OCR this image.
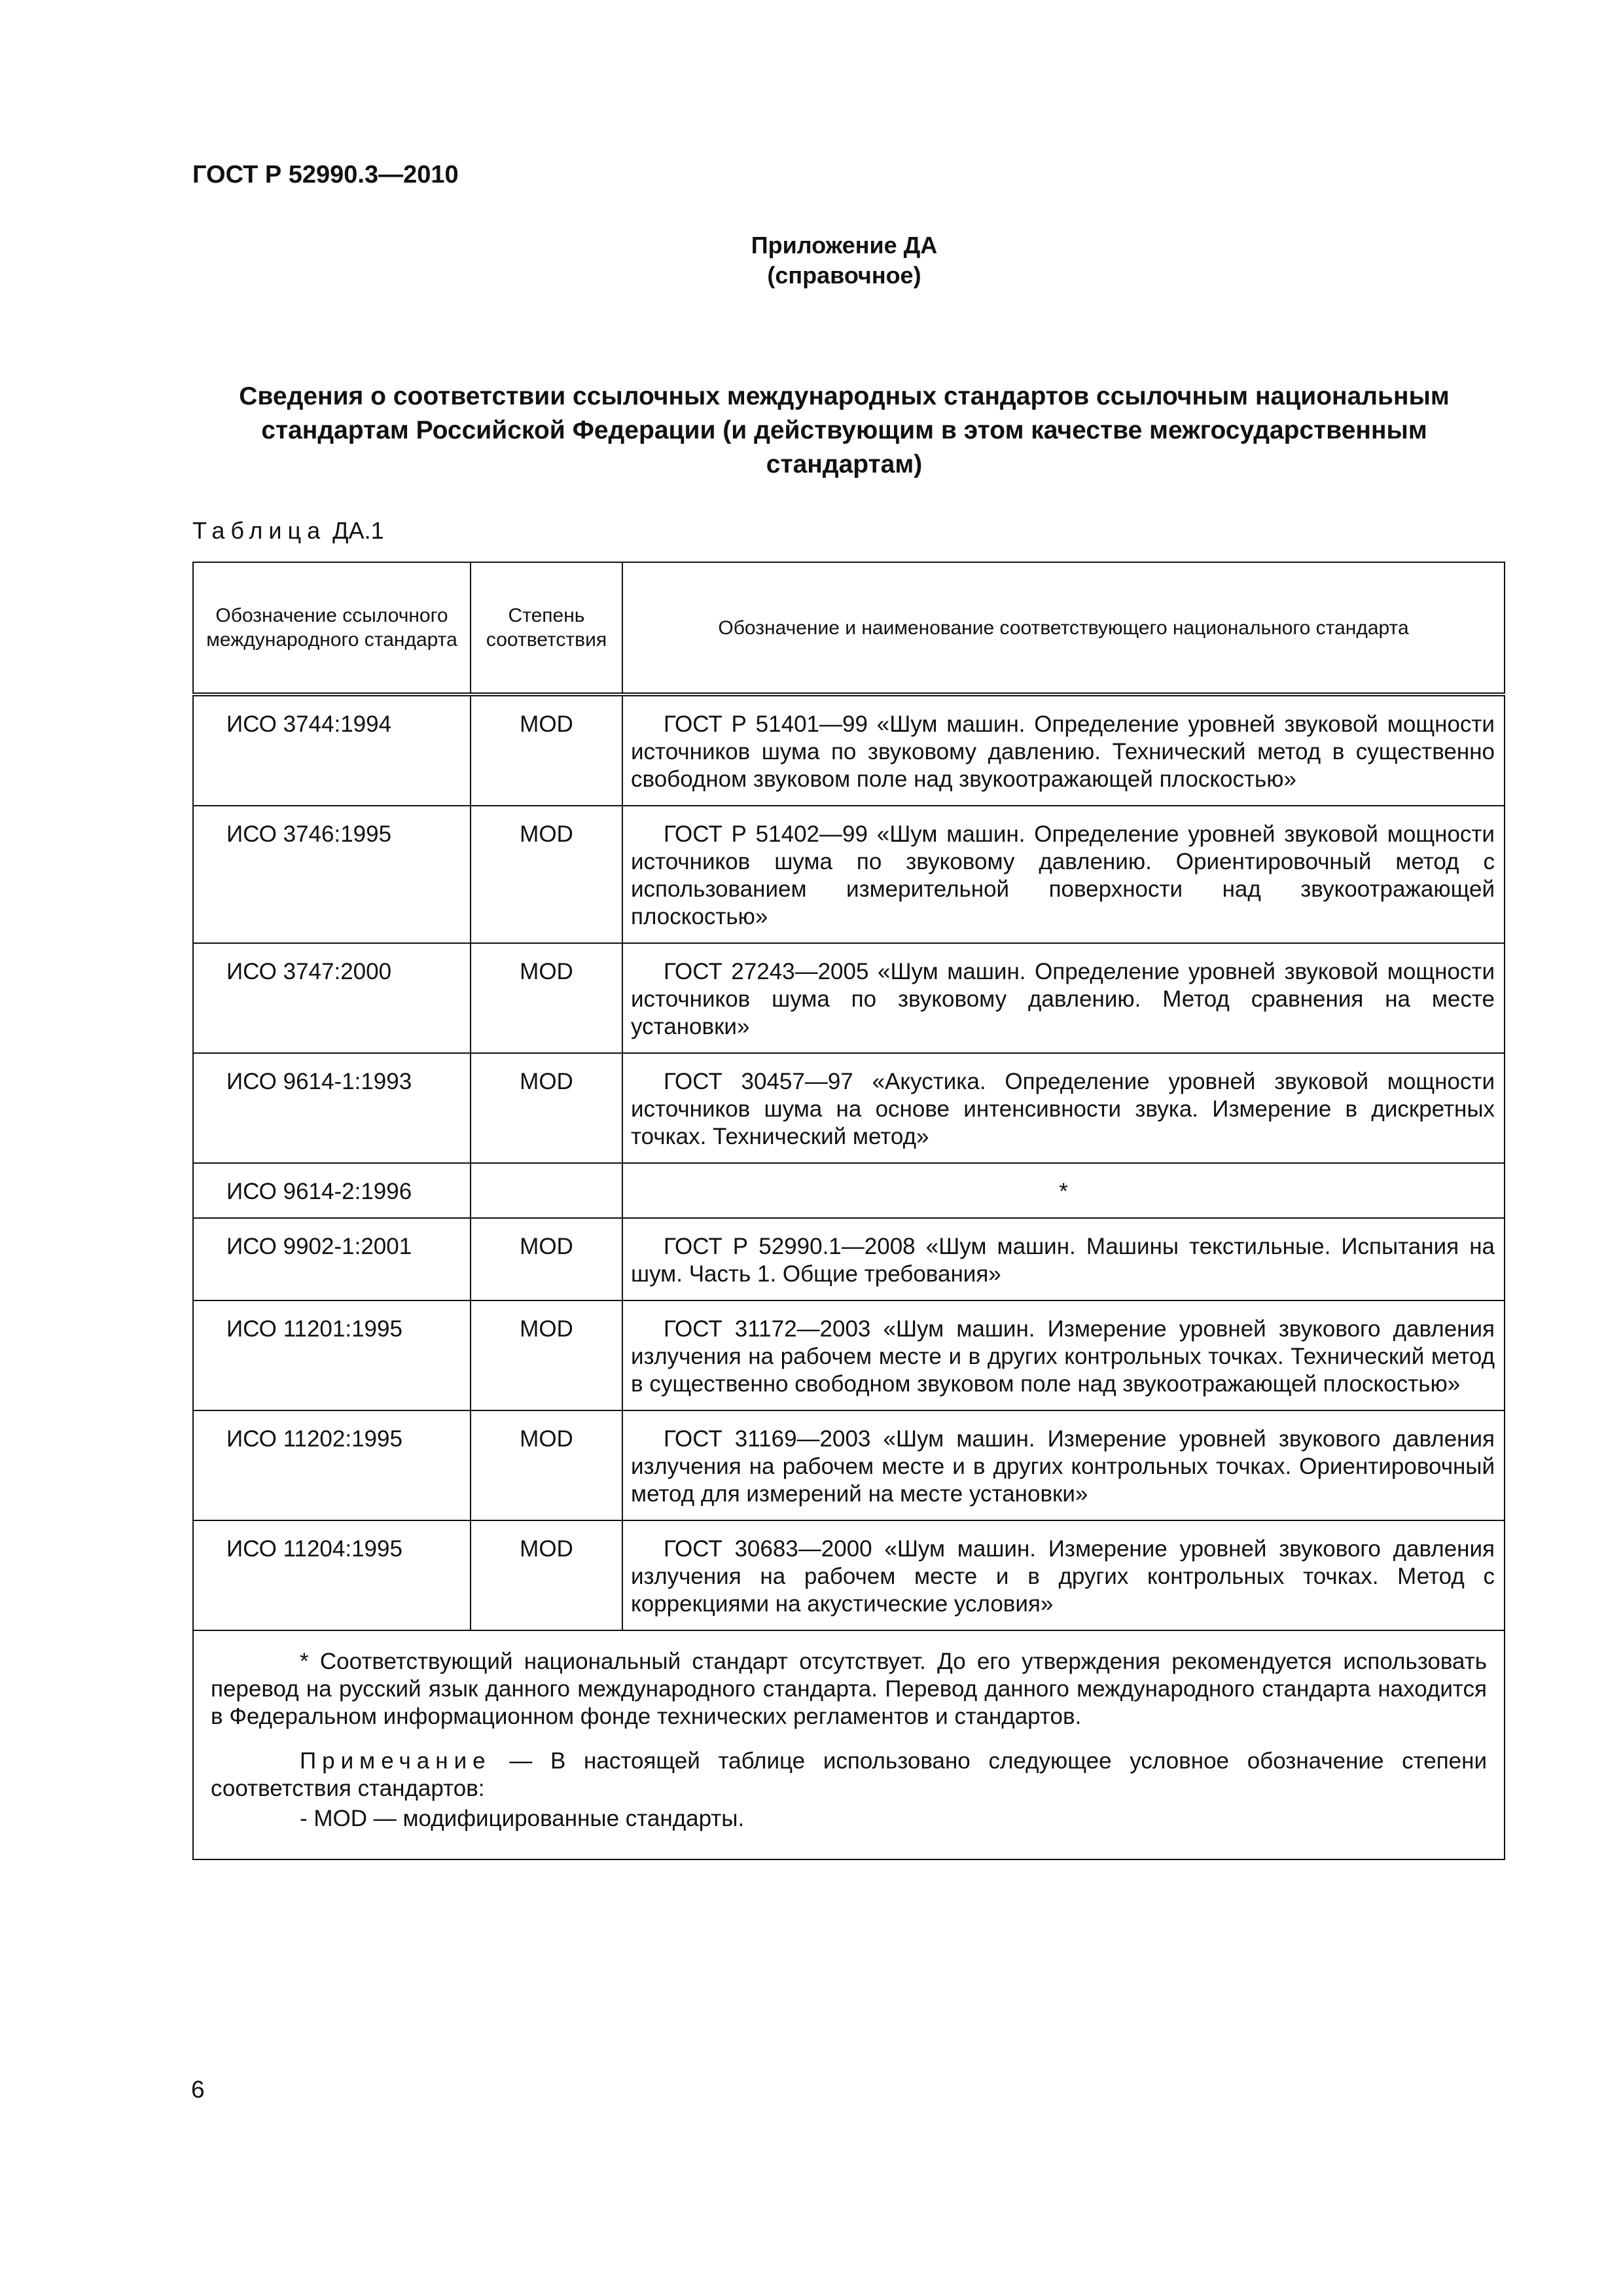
ГОСТ Р 52990.3—2010
Приложение ДА
(справочное)
Сведения о соответствии ссылочных международных стандартов ссылочным национальным
стандартам Российской Федерации (и действующим в этом качестве межгосударственным
стандартам)
Таблица ДА.1
Обозначение ссылочного международного стандарта	Степень соответствия	Обозначение и наименование соответствующего национального стандарта
ИСО 3744:1994	MOD	ГОСТ Р 51401—99 «Шум машин. Определение уровней звуковой мощности источников шума по звуковому давлению. Технический метод в существенно свободном звуковом поле над звукоотражающей плоскостью»
ИСО 3746:1995	MOD	ГОСТ Р 51402—99 «Шум машин. Определение уровней звуковой мощности источников шума по звуковому давлению. Ориентировочный метод с использованием измерительной поверхности над звукоотражающей плоскостью»
ИСО 3747:2000	MOD	ГОСТ 27243—2005 «Шум машин. Определение уровней звуковой мощности источников шума по звуковому давлению. Метод сравнения на месте установки»
ИСО 9614-1:1993	MOD	ГОСТ 30457—97 «Акустика. Определение уровней звуковой мощности источников шума на основе интенсивности звука. Измерение в дискретных точках. Технический метод»
ИСО 9614-2:1996		*
ИСО 9902-1:2001	MOD	ГОСТ Р 52990.1—2008 «Шум машин. Машины текстильные. Испытания на шум. Часть 1. Общие требования»
ИСО 11201:1995	MOD	ГОСТ 31172—2003 «Шум машин. Измерение уровней звукового давления излучения на рабочем месте и в других контрольных точках. Технический метод в существенно свободном звуковом поле над звукоотражающей плоскостью»
ИСО 11202:1995	MOD	ГОСТ 31169—2003 «Шум машин. Измерение уровней звукового давления излучения на рабочем месте и в других контрольных точках. Ориентировочный метод для измерений на месте установки»
ИСО 11204:1995	MOD	ГОСТ 30683—2000 «Шум машин. Измерение уровней звукового давления излучения на рабочем месте и в других контрольных точках. Метод с коррекциями на акустические условия»

* Соответствующий национальный стандарт отсутствует. До его утверждения рекомендуется использовать перевод на русский язык данного международного стандарта. Перевод данного международного стандарта находится в Федеральном информационном фонде технических регламентов и стандартов.

Примечание — В настоящей таблице использовано следующее условное обозначение степени соответствия стандартов:

- MOD — модифицированные стандарты.		

6
